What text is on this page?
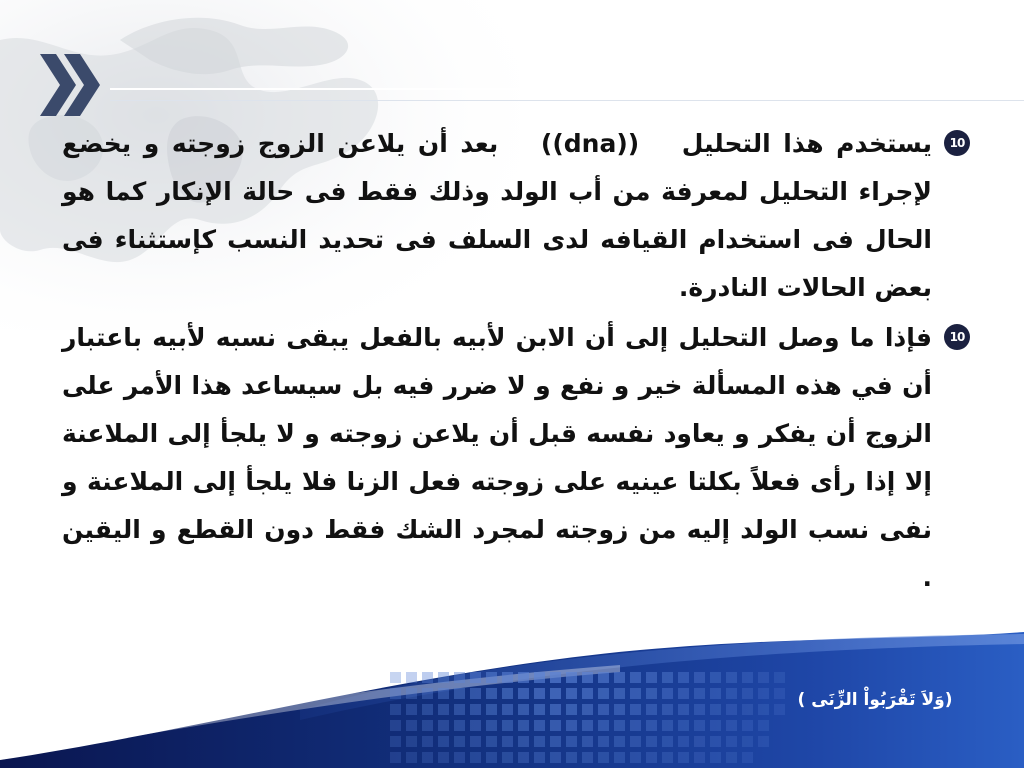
10
يستخدم هذا التحليل ((dna)) بعد أن يلاعن الزوج زوجته و يخضع لإجراء التحليل لمعرفة من أب الولد وذلك فقط فى حالة الإنكار كما هو الحال فى استخدام القيافه لدى السلف فى تحديد النسب كإستثناء فى بعض الحالات النادرة.
10
فإذا ما وصل التحليل إلى أن الابن لأبيه بالفعل يبقى نسبه لأبيه باعتبار أن في هذه المسألة خير و نفع و لا ضرر فيه بل سيساعد هذا الأمر على الزوج أن يفكر و يعاود نفسه قبل أن يلاعن زوجته و لا يلجأ إلى الملاعنة إلا إذا رأى فعلاً بكلتا عينيه على زوجته فعل الزنا فلا يلجأ إلى الملاعنة و نفى نسب الولد إليه من زوجته لمجرد الشك فقط دون القطع و اليقين .
(وَلاَ تَقْرَبُواْ الزِّنَى )
